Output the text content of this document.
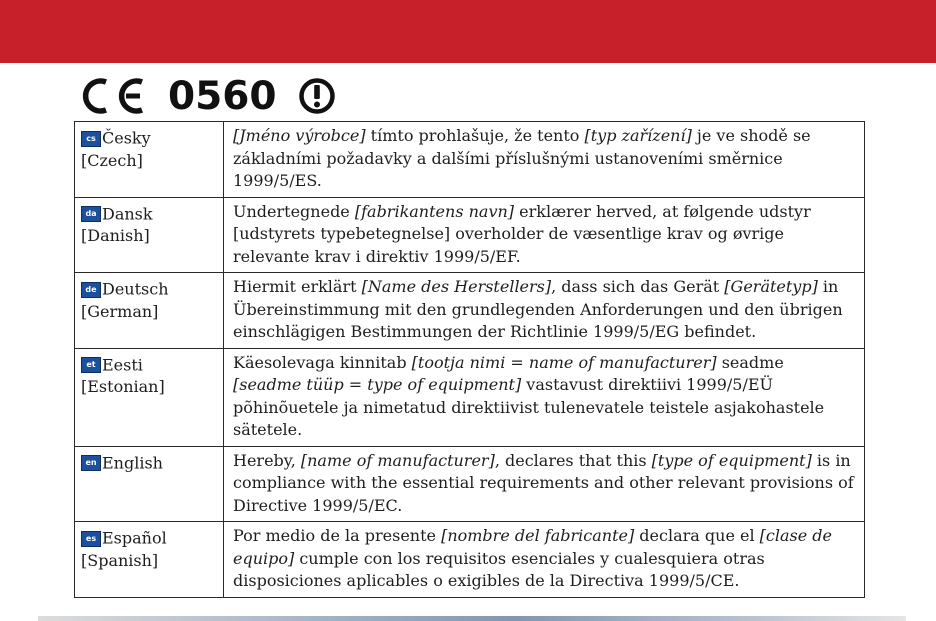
0560
cs Česky
[Czech]	[Jméno výrobce] tímto prohlašuje, že tento [typ zařízení] je ve shodě se základními požadavky a dalšími příslušnými ustanoveními směrnice 1999/5/ES.
da Dansk
[Danish]	Undertegnede [fabrikantens navn] erklærer herved, at følgende udstyr [udstyrets typebetegnelse] overholder de væsentlige krav og øvrige relevante krav i direktiv 1999/5/EF.
de Deutsch
[German]	Hiermit erklärt [Name des Herstellers], dass sich das Gerät [Gerätetyp] in Übereinstimmung mit den grundlegenden Anforderungen und den übrigen einschlägigen Bestimmungen der Richtlinie 1999/5/EG befindet.
et Eesti
[Estonian]	Käesolevaga kinnitab [tootja nimi = name of manufacturer] seadme [seadme tüüp = type of equipment] vastavust direktiivi 1999/5/EÜ põhinõuetele ja nimetatud direktiivist tulenevatele teistele asjakohastele sätetele.
en English	Hereby, [name of manufacturer], declares that this [type of equipment] is in compliance with the essential requirements and other relevant provisions of Directive 1999/5/EC.
es Español
[Spanish]	Por medio de la presente [nombre del fabricante] declara que el [clase de equipo] cumple con los requisitos esenciales y cualesquiera otras disposiciones aplicables o exigibles de la Directiva 1999/5/CE.
